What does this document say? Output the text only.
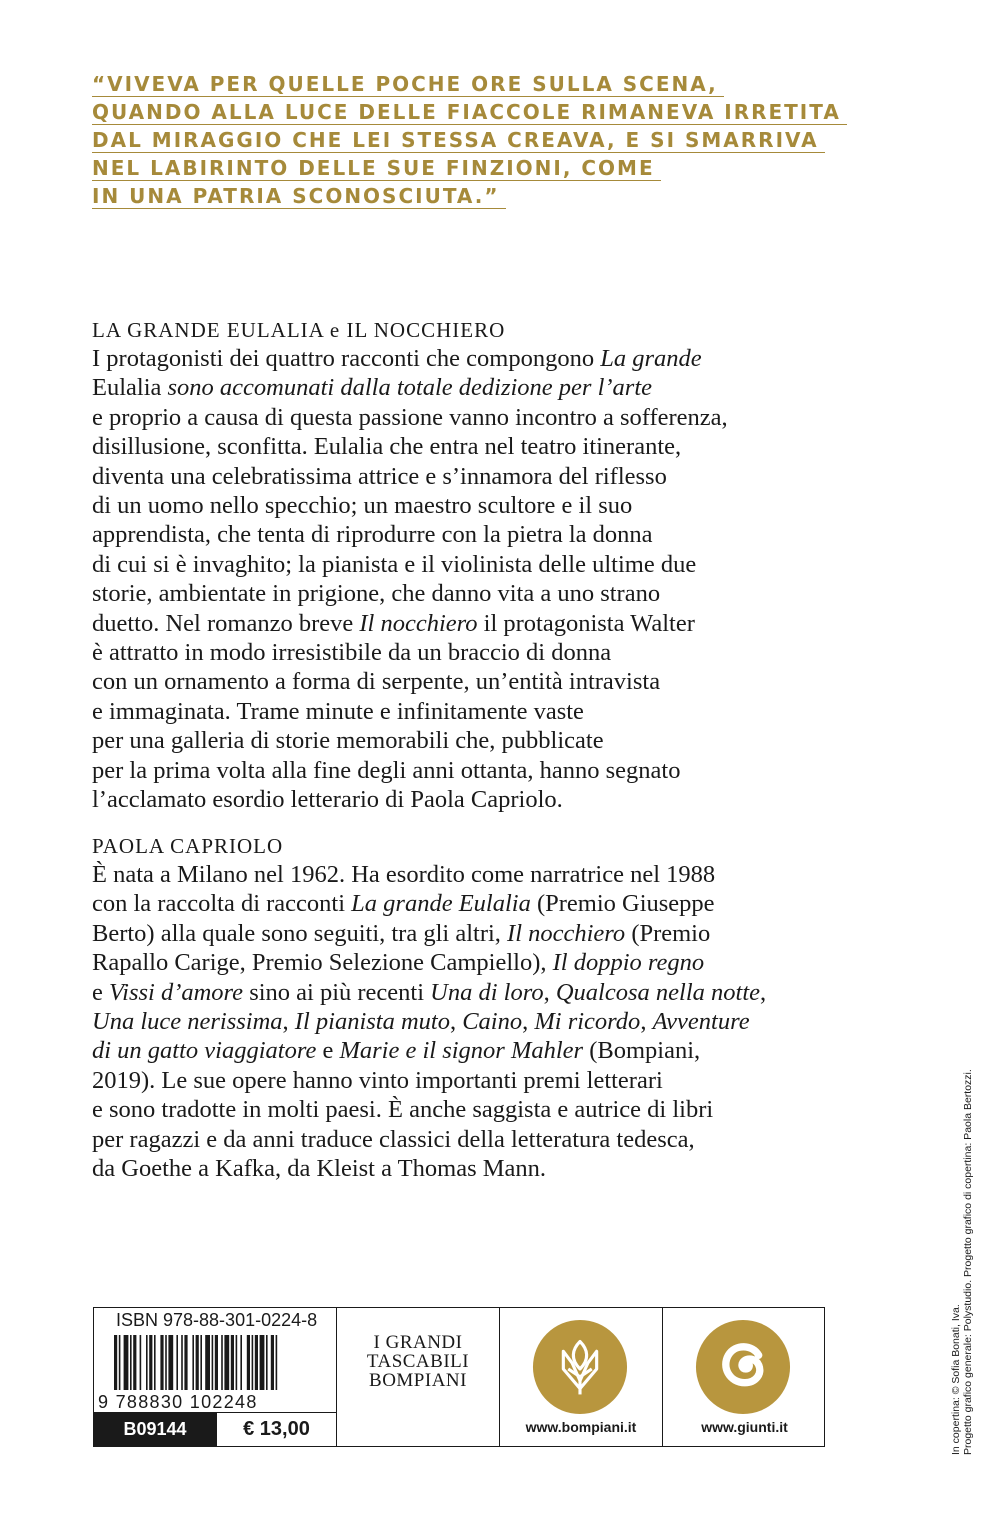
“VIVEVA PER QUELLE POCHE ORE SULLA SCENA,
QUANDO ALLA LUCE DELLE FIACCOLE RIMANEVA IRRETITA
DAL MIRAGGIO CHE LEI STESSA CREAVA, E SI SMARRIVA
NEL LABIRINTO DELLE SUE FINZIONI, COME
IN UNA PATRIA SCONOSCIUTA.”
LA GRANDE EULALIA e IL NOCCHIERO
I protagonisti dei quattro racconti che compongono La grande
Eulalia sono accomunati dalla totale dedizione per l’arte
e proprio a causa di questa passione vanno incontro a sofferenza,
disillusione, sconfitta. Eulalia che entra nel teatro itinerante,
diventa una celebratissima attrice e s’innamora del riflesso
di un uomo nello specchio; un maestro scultore e il suo
apprendista, che tenta di riprodurre con la pietra la donna
di cui si è invaghito; la pianista e il violinista delle ultime due
storie, ambientate in prigione, che danno vita a uno strano
duetto. Nel romanzo breve Il nocchiero il protagonista Walter
è attratto in modo irresistibile da un braccio di donna
con un ornamento a forma di serpente, un’entità intravista
e immaginata. Trame minute e infinitamente vaste
per una galleria di storie memorabili che, pubblicate
per la prima volta alla fine degli anni ottanta, hanno segnato
l’acclamato esordio letterario di Paola Capriolo.
PAOLA CAPRIOLO
È nata a Milano nel 1962. Ha esordito come narratrice nel 1988
con la raccolta di racconti La grande Eulalia (Premio Giuseppe
Berto) alla quale sono seguiti, tra gli altri, Il nocchiero (Premio
Rapallo Carige, Premio Selezione Campiello), Il doppio regno
e Vissi d’amore sino ai più recenti Una di loro, Qualcosa nella notte,
Una luce nerissima, Il pianista muto, Caino, Mi ricordo, Avventure
di un gatto viaggiatore e Marie e il signor Mahler (Bompiani,
2019). Le sue opere hanno vinto importanti premi letterari
e sono tradotte in molti paesi. È anche saggista e autrice di libri
per ragazzi e da anni traduce classici della letteratura tedesca,
da Goethe a Kafka, da Kleist a Thomas Mann.
ISBN 978-88-301-0224-8
9 788830 102248
B09144	€ 13,00
I GRANDI
TASCABILI
BOMPIANI
www.bompiani.it	www.giunti.it	In copertina: © Sofia Bonati, Iva. Progetto grafico generale: Polystudio. Progetto grafico di copertina: Paola Bertozzi.
